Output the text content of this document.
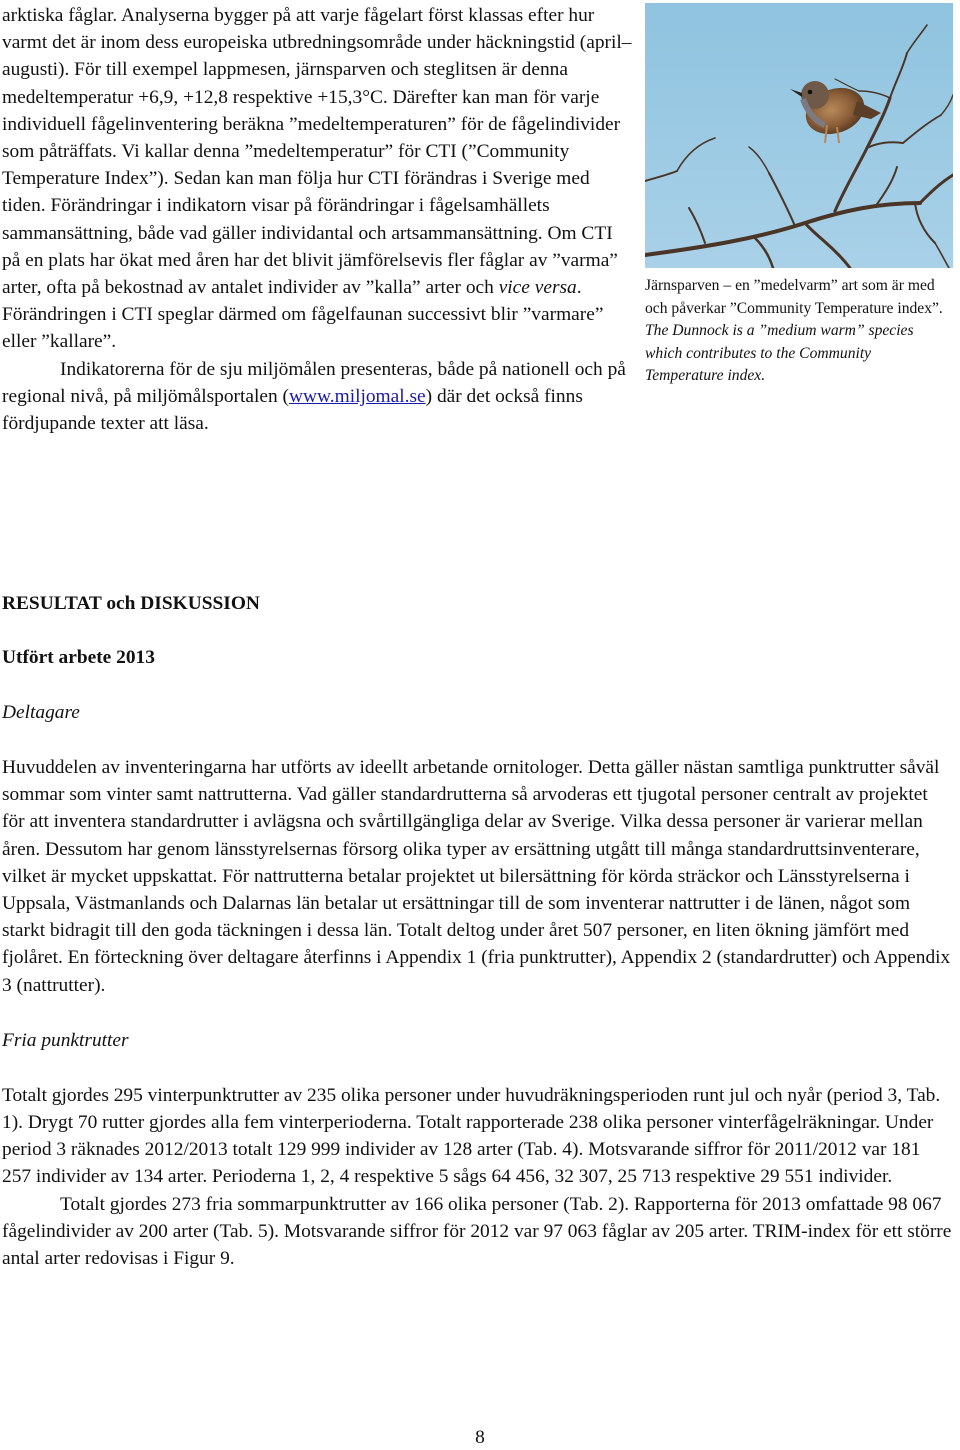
arktiska fåglar. Analyserna bygger på att varje fågelart först klassas efter hur varmt det är inom dess europeiska utbredningsområde under häckningstid (april–augusti). För till exempel lappmesen, järnsparven och steglitsen är denna medeltemperatur +6,9, +12,8 respektive +15,3°C. Därefter kan man för varje individuell fågelinventering beräkna ”medeltemperaturen” för de fågelindivider som påträffats. Vi kallar denna ”medeltemperatur” för CTI (”Community Temperature Index”). Sedan kan man följa hur CTI förändras i Sverige med tiden. Förändringar i indikatorn visar på förändringar i fågelsamhällets sammansättning, både vad gäller individantal och artsammansättning. Om CTI på en plats har ökat med åren har det blivit jämförelsevis fler fåglar av ”varma” arter, ofta på bekostnad av antalet individer av ”kalla” arter och vice versa. Förändringen i CTI speglar därmed om fågelfaunan successivt blir ”varmare” eller ”kallare”.

Indikatorerna för de sju miljömålen presenteras, både på nationell och på regional nivå, på miljömålsportalen (www.miljomal.se) där det också finns fördjupande texter att läsa.

Järnsparven – en ”medelvarm” art som är med och påverkar ”Community Temperature index”.
The Dunnock is a ”medium warm” species which contributes to the Community Temperature index.
RESULTAT och DISKUSSION
Utfört arbete 2013

Deltagare

Huvuddelen av inventeringarna har utförts av ideellt arbetande ornitologer. Detta gäller nästan samtliga punktrutter såväl sommar som vinter samt nattrutterna. Vad gäller standardrutterna så arvoderas ett tjugotal personer centralt av projektet för att inventera standardrutter i avlägsna och svårtillgängliga delar av Sverige. Vilka dessa personer är varierar mellan åren. Dessutom har genom länsstyrelsernas försorg olika typer av ersättning utgått till många standardruttsinventerare, vilket är mycket uppskattat. För nattrutterna betalar projektet ut bilersättning för körda sträckor och Länsstyrelserna i Uppsala, Västmanlands och Dalarnas län betalar ut ersättningar till de som inventerar nattrutter i de länen, något som starkt bidragit till den goda täckningen i dessa län. Totalt deltog under året 507 personer, en liten ökning jämfört med fjolåret. En förteckning över deltagare återfinns i Appendix 1 (fria punktrutter), Appendix 2 (standardrutter) och Appendix 3 (nattrutter).

Fria punktrutter

Totalt gjordes 295 vinterpunktrutter av 235 olika personer under huvudräkningsperioden runt jul och nyår (period 3, Tab. 1). Drygt 70 rutter gjordes alla fem vinterperioderna. Totalt rapporterade 238 olika personer vinterfågelräkningar. Under period 3 räknades 2012/2013 totalt 129 999 individer av 128 arter (Tab. 4). Motsvarande siffror för 2011/2012 var 181 257 individer av 134 arter. Perioderna 1, 2, 4 respektive 5 sågs 64 456, 32 307, 25 713 respektive 29 551 individer.

Totalt gjordes 273 fria sommarpunktrutter av 166 olika personer (Tab. 2). Rapporterna för 2013 omfattade 98 067 fågelindivider av 200 arter (Tab. 5). Motsvarande siffror för 2012 var 97 063 fåglar av 205 arter. TRIM-index för ett större antal arter redovisas i Figur 9.

8
